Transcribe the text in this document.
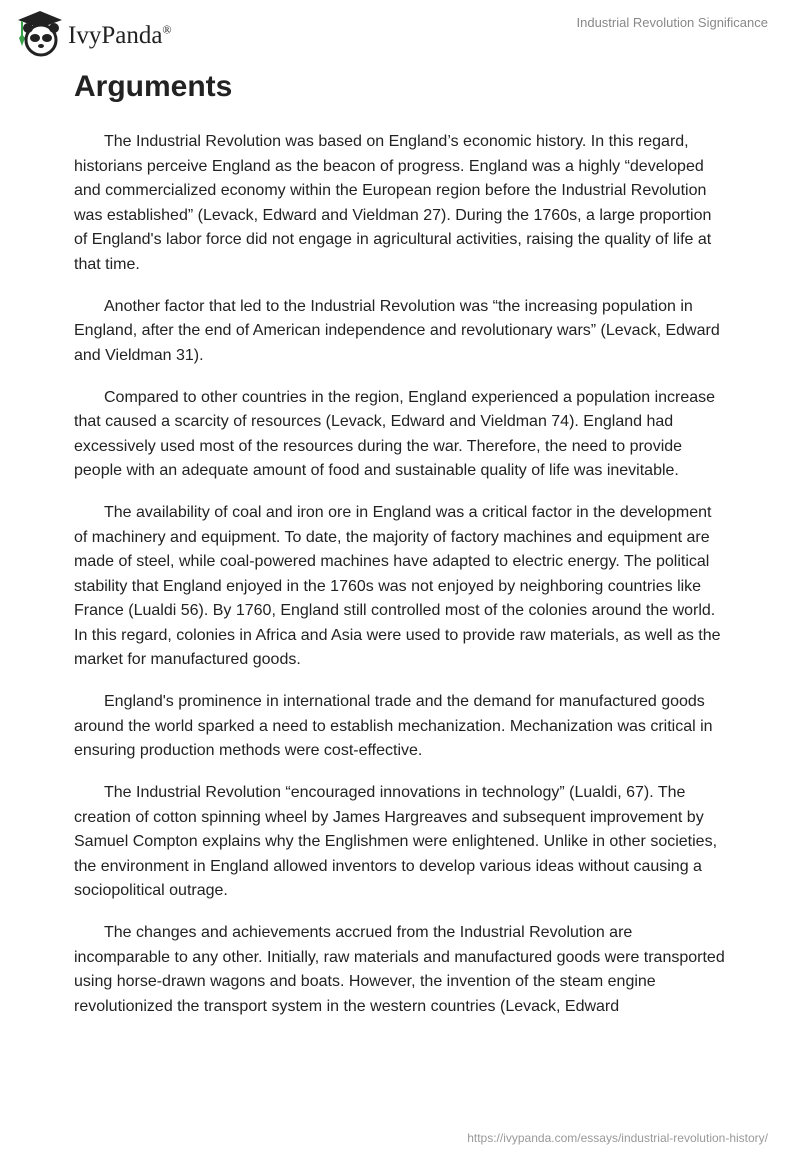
IvyPanda®	Industrial Revolution Significance
Arguments

The Industrial Revolution was based on England’s economic history. In this regard, historians perceive England as the beacon of progress. England was a highly “developed and commercialized economy within the European region before the Industrial Revolution was established” (Levack, Edward and Vieldman 27). During the 1760s, a large proportion of England's labor force did not engage in agricultural activities, raising the quality of life at that time.

Another factor that led to the Industrial Revolution was “the increasing population in England, after the end of American independence and revolutionary wars” (Levack, Edward and Vieldman 31).

Compared to other countries in the region, England experienced a population increase that caused a scarcity of resources (Levack, Edward and Vieldman 74). England had excessively used most of the resources during the war. Therefore, the need to provide people with an adequate amount of food and sustainable quality of life was inevitable.

The availability of coal and iron ore in England was a critical factor in the development of machinery and equipment. To date, the majority of factory machines and equipment are made of steel, while coal-powered machines have adapted to electric energy. The political stability that England enjoyed in the 1760s was not enjoyed by neighboring countries like France (Lualdi 56). By 1760, England still controlled most of the colonies around the world. In this regard, colonies in Africa and Asia were used to provide raw materials, as well as the market for manufactured goods.

England's prominence in international trade and the demand for manufactured goods around the world sparked a need to establish mechanization. Mechanization was critical in ensuring production methods were cost-effective.

The Industrial Revolution “encouraged innovations in technology” (Lualdi, 67). The creation of cotton spinning wheel by James Hargreaves and subsequent improvement by Samuel Compton explains why the Englishmen were enlightened. Unlike in other societies, the environment in England allowed inventors to develop various ideas without causing a sociopolitical outrage.

The changes and achievements accrued from the Industrial Revolution are incomparable to any other. Initially, raw materials and manufactured goods were transported using horse-drawn wagons and boats. However, the invention of the steam engine revolutionized the transport system in the western countries (Levack, Edward

https://ivypanda.com/essays/industrial-revolution-history/
